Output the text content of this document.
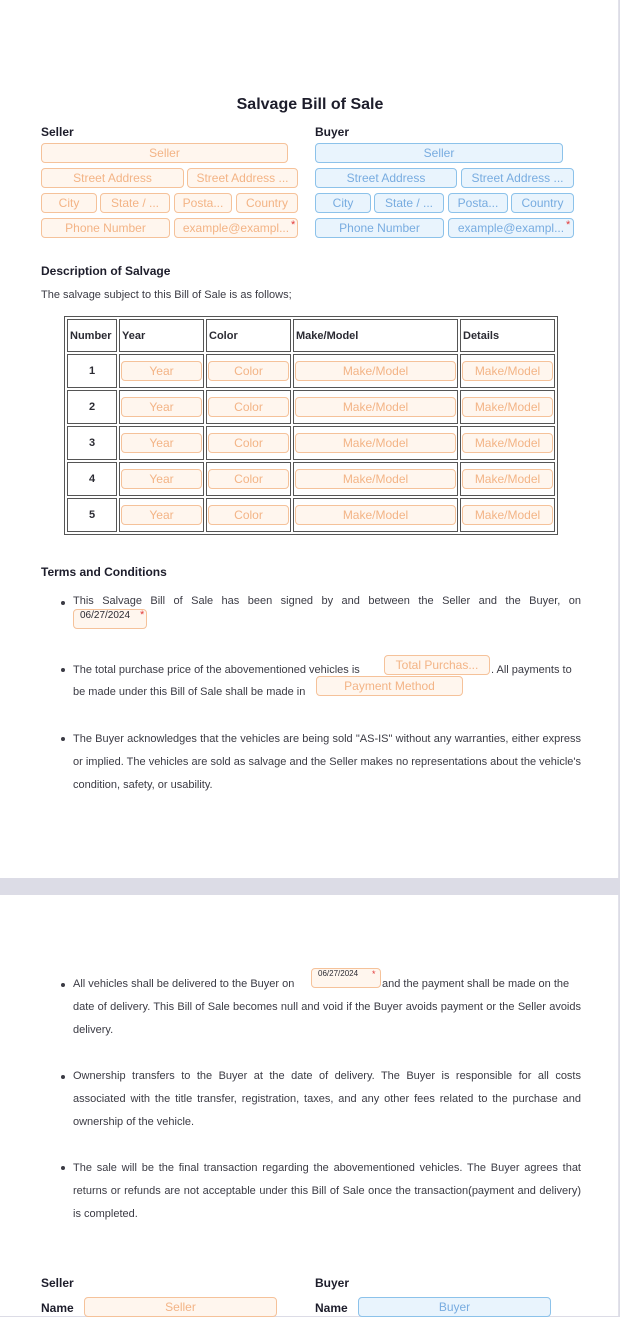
Salvage Bill of Sale
Seller
Seller
Street Address	Street Address ...
City	State / ...	Posta...	Country
Phone Number	example@exampl... *
Buyer
Seller
Street Address	Street Address ...
City	State / ...	Posta...	Country
Phone Number	example@exampl... *
Description of Salvage
The salvage subject to this Bill of Sale is as follows;
Number	Year	Color	Make/Model	Details
1	Year	Color	Make/Model	Make/Model

2	Year	Color	Make/Model	Make/Model

3	Year	Color	Make/Model	Make/Model

4	Year	Color	Make/Model	Make/Model

5	Year	Color	Make/Model	Make/Model
Terms and Conditions
This Salvage Bill of Sale has been signed by and between the Seller and the Buyer, on
06/27/2024 *
The total purchase price of the abovementioned vehicles is	Total Purchas...	. All payments to
be made under this Bill of Sale shall be made in	Payment Method
The Buyer acknowledges that the vehicles are being sold "AS-IS" without any warranties, either express or implied. The vehicles are sold as salvage and the Seller makes no representations about the vehicle's condition, safety, or usability.
All vehicles shall be delivered to the Buyer on
06/27/2024	*
and the payment shall be made on the
date of delivery. This Bill of Sale becomes null and void if the Buyer avoids payment or the Seller avoids delivery.
Ownership transfers to the Buyer at the date of delivery. The Buyer is responsible for all costs associated with the title transfer, registration, taxes, and any other fees related to the purchase and ownership of the vehicle.
The sale will be the final transaction regarding the abovementioned vehicles. The Buyer agrees that returns or refunds are not acceptable under this Bill of Sale once the transaction(payment and delivery) is completed.
Seller	Buyer
Name	Seller	Name	Buyer
